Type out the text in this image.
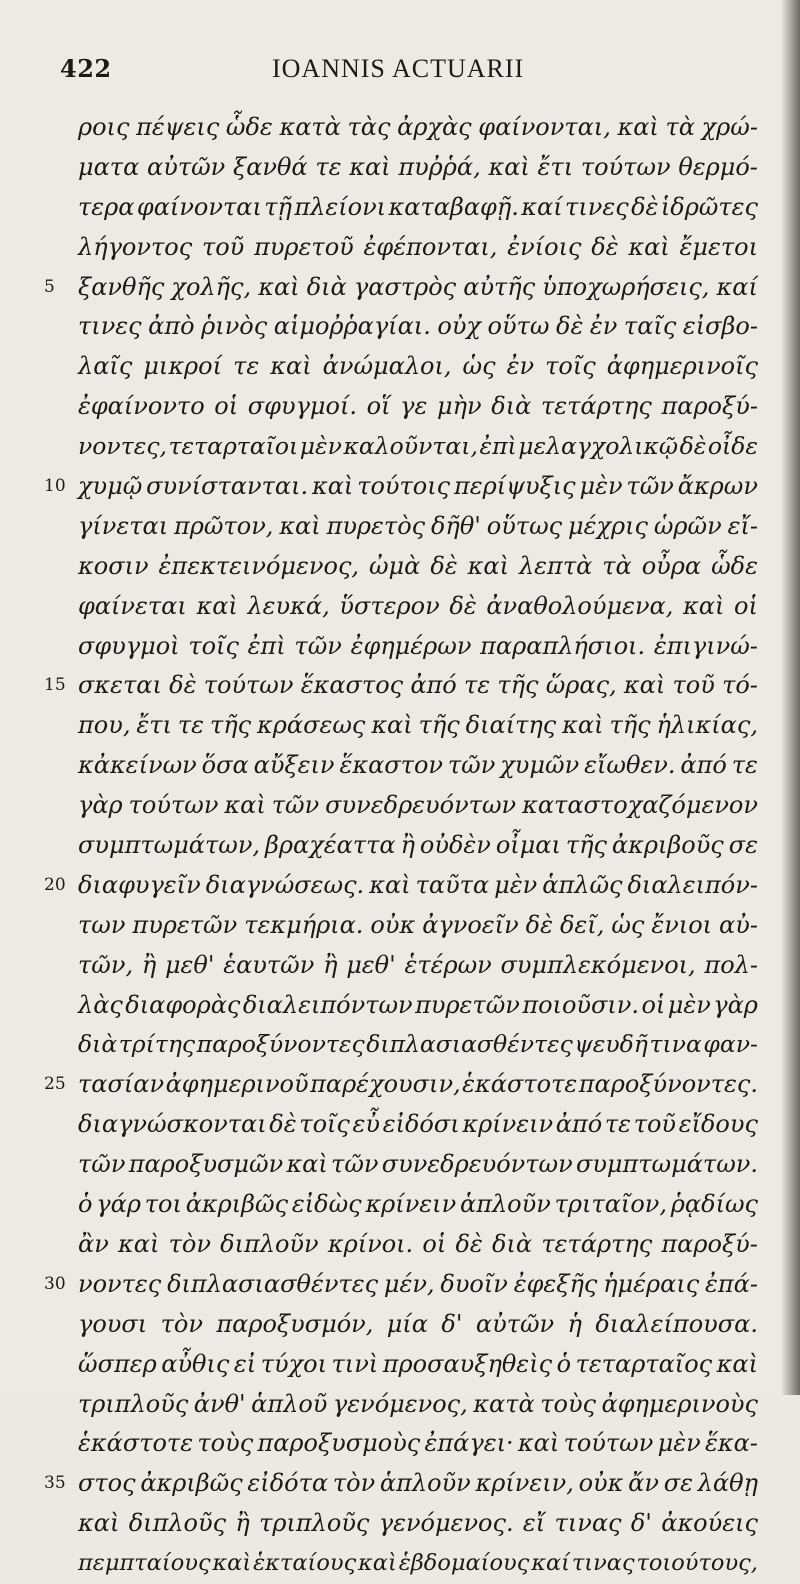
422	IOANNIS ACTUARII
ροις πέψεις ὧδε κατὰ τὰς ἀρχὰς φαίνονται, καὶ τὰ χρώ-
ματα αὐτῶν ξανθά τε καὶ πυῤῥά, καὶ ἔτι τούτων θερμό-
τερα φαίνονται τῇ πλείονι καταβαφῇ. καί τινες δὲ ἱδρῶτες
λήγοντος τοῦ πυρετοῦ ἐφέπονται, ἐνίοις δὲ καὶ ἔμετοι
5 ξανθῆς χολῆς, καὶ διὰ γαστρὸς αὐτῆς ὑποχωρήσεις, καί
τινες ἀπὸ ῥινὸς αἱμοῤῥαγίαι. οὐχ οὕτω δὲ ἐν ταῖς εἰσβο-
λαῖς μικροί τε καὶ ἀνώμαλοι, ὡς ἐν τοῖς ἀφημερινοῖς
ἐφαίνοντο οἱ σφυγμοί. οἵ γε μὴν διὰ τετάρτης παροξύ-
νοντες, τεταρταῖοι μὲν καλοῦνται, ἐπὶ μελαγχολικῷ δὲ οἶδε
10 χυμῷ συνίστανται. καὶ τούτοις περίψυξις μὲν τῶν ἄκρων
γίνεται πρῶτον, καὶ πυρετὸς δῆθ' οὕτως μέχρις ὡρῶν εἴ-
κοσιν ἐπεκτεινόμενος, ὠμὰ δὲ καὶ λεπτὰ τὰ οὖρα ὧδε
φαίνεται καὶ λευκά, ὕστερον δὲ ἀναθολούμενα, καὶ οἱ
σφυγμοὶ τοῖς ἐπὶ τῶν ἐφημέρων παραπλήσιοι. ἐπιγινώ-
15 σκεται δὲ τούτων ἕκαστος ἀπό τε τῆς ὥρας, καὶ τοῦ τό-
που, ἔτι τε τῆς κράσεως καὶ τῆς διαίτης καὶ τῆς ἡλικίας,
κἀκείνων ὅσα αὔξειν ἕκαστον τῶν χυμῶν εἴωθεν. ἀπό τε
γὰρ τούτων καὶ τῶν συνεδρευόντων καταστοχαζόμενον
συμπτωμάτων, βραχέαττα ἢ οὐδὲν οἶμαι τῆς ἀκριβοῦς σε
20 διαφυγεῖν διαγνώσεως. καὶ ταῦτα μὲν ἁπλῶς διαλειπόν-
των πυρετῶν τεκμήρια. οὐκ ἀγνοεῖν δὲ δεῖ, ὡς ἔνιοι αὐ-
τῶν, ἢ μεθ' ἑαυτῶν ἢ μεθ' ἑτέρων συμπλεκόμενοι, πολ-
λὰς διαφορὰς διαλειπόντων πυρετῶν ποιοῦσιν. οἱ μὲν γὰρ
διὰ τρίτης παροξύνοντες διπλασιασθέντες ψευδῆ τινα φαν-
25 τασίαν ἀφημερινοῦ παρέχουσιν, ἑκάστοτε παροξύνοντες.
διαγνώσκονται δὲ τοῖς εὖ εἰδόσι κρίνειν ἀπό τε τοῦ εἴδους
τῶν παροξυσμῶν καὶ τῶν συνεδρευόντων συμπτωμάτων.
ὁ γάρ τοι ἀκριβῶς εἰδὼς κρίνειν ἁπλοῦν τριταῖον, ῥᾳδίως
ἂν καὶ τὸν διπλοῦν κρίνοι. οἱ δὲ διὰ τετάρτης παροξύ-
30 νοντες διπλασιασθέντες μέν, δυοῖν ἐφεξῆς ἡμέραις ἐπά-
γουσι τὸν παροξυσμόν, μία δ' αὐτῶν ἡ διαλείπουσα.
ὥσπερ αὖθις εἰ τύχοι τινὶ προσαυξηθεὶς ὁ τεταρταῖος καὶ
τριπλοῦς ἀνθ' ἁπλοῦ γενόμενος, κατὰ τοὺς ἀφημερινοὺς
ἑκάστοτε τοὺς παροξυσμοὺς ἐπάγει· καὶ τούτων μὲν ἕκα-
35 στος ἀκριβῶς εἰδότα τὸν ἁπλοῦν κρίνειν, οὐκ ἄν σε λάθῃ
καὶ διπλοῦς ἢ τριπλοῦς γενόμενος. εἴ τινας δ' ἀκούεις
πεμπταίους καὶ ἑκταίους καὶ ἑβδομαίους καί τινας τοιούτους,
